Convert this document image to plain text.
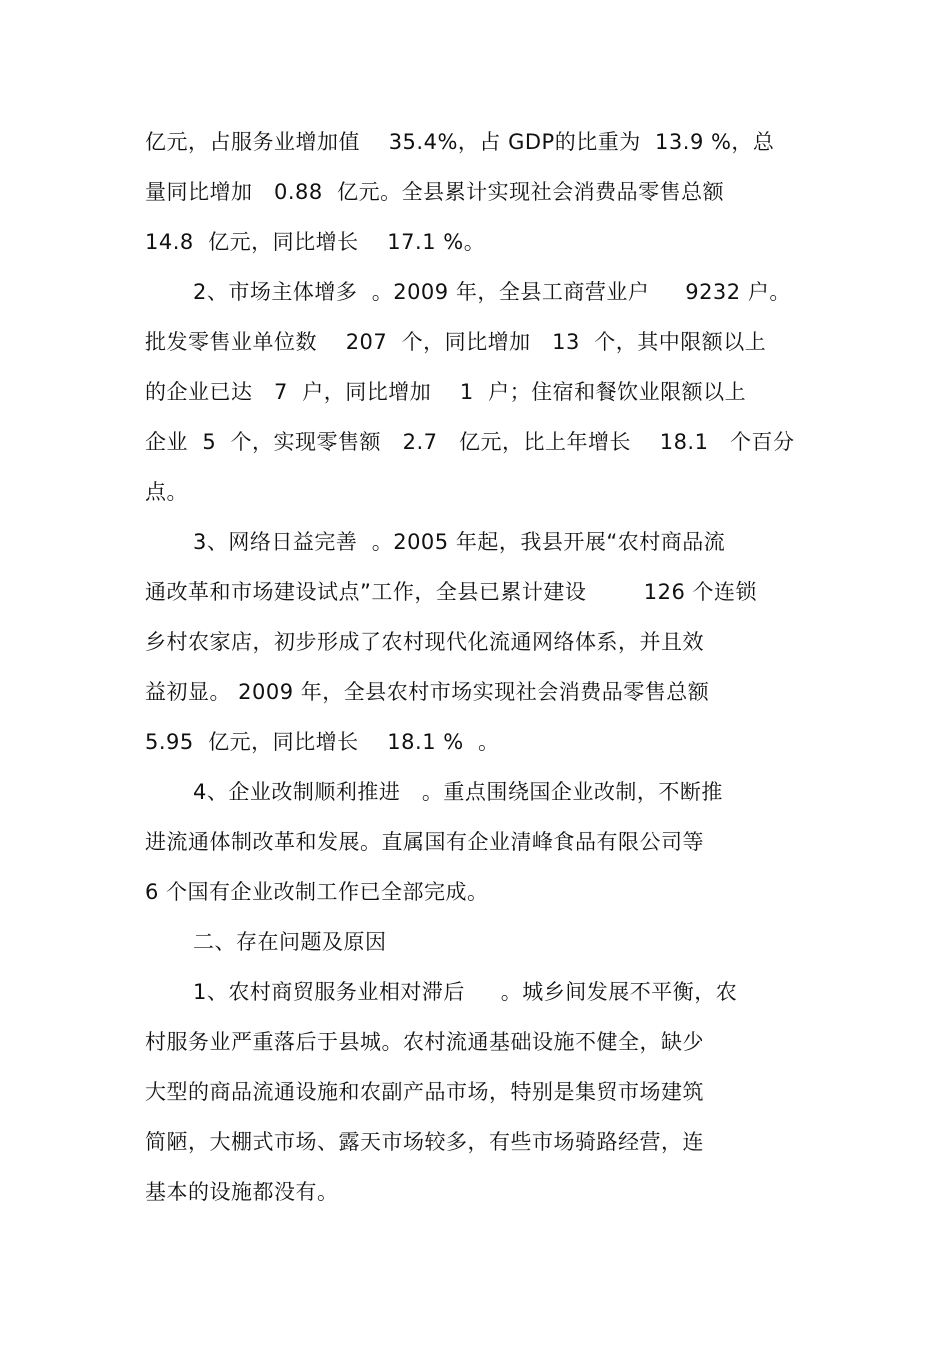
亿元，占服务业增加值    35.4%，占 GDP的比重为  13.9 %，总
量同比增加   0.88  亿元。全县累计实现社会消费品零售总额
14.8  亿元，同比增长    17.1 %。
2、市场主体增多  。2009 年，全县工商营业户     9232 户。
批发零售业单位数    207  个，同比增加   13  个，其中限额以上
的企业已达   7  户，同比增加    1  户；住宿和餐饮业限额以上
企业  5  个，实现零售额   2.7   亿元，比上年增长    18.1   个百分
点。
3、网络日益完善  。2005 年起，我县开展“农村商品流
通改革和市场建设试点”工作，全县已累计建设        126 个连锁
乡村农家店，初步形成了农村现代化流通网络体系，并且效
益初显。 2009 年，全县农村市场实现社会消费品零售总额
5.95  亿元，同比增长    18.1 %  。
4、企业改制顺利推进   。重点围绕国企业改制，不断推
进流通体制改革和发展。直属国有企业清峰食品有限公司等
6 个国有企业改制工作已全部完成。
二、存在问题及原因
1、农村商贸服务业相对滞后     。城乡间发展不平衡，农
村服务业严重落后于县城。农村流通基础设施不健全，缺少
大型的商品流通设施和农副产品市场，特别是集贸市场建筑
简陋，大棚式市场、露天市场较多，有些市场骑路经营，连
基本的设施都没有。
